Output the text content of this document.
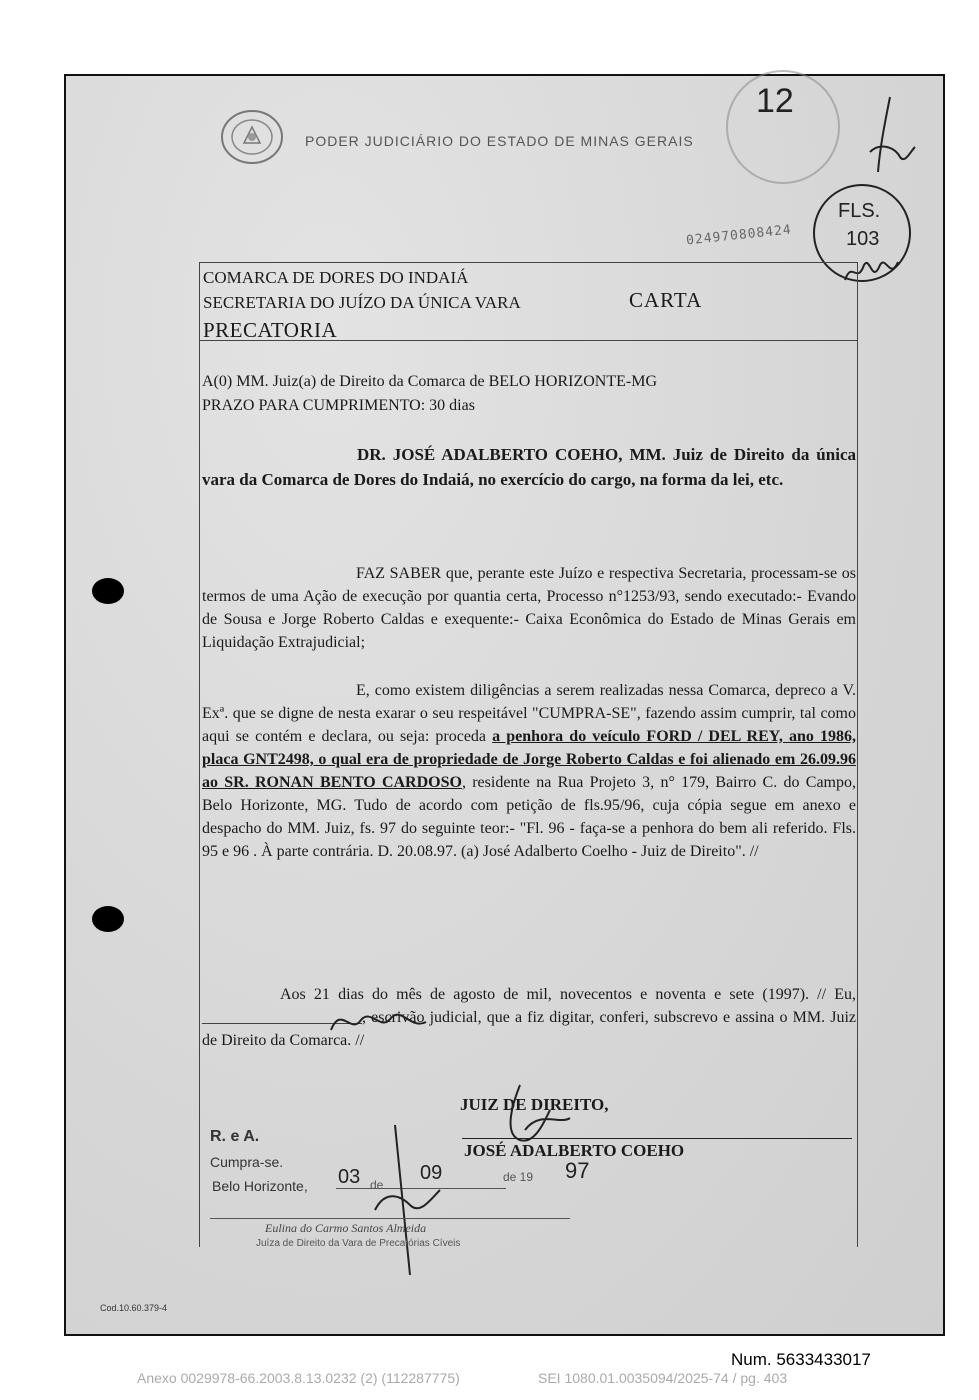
PODER JUDICIÁRIO DO ESTADO DE MINAS GERAIS
12
024970808424
FLS.
103
COMARCA DE DORES DO INDAIÁ
SECRETARIA DO JUÍZO DA ÚNICA VARA	CARTA
PRECATORIA
A(0) MM. Juiz(a) de Direito da Comarca de BELO HORIZONTE-MG
PRAZO PARA CUMPRIMENTO: 30 dias
DR. JOSÉ ADALBERTO COEHO, MM. Juiz de Direito da única vara da Comarca de Dores do Indaiá, no exercício do cargo, na forma da lei, etc.
FAZ SABER que, perante este Juízo e respectiva Secretaria, processam-se os termos de uma Ação de execução por quantia certa, Processo n°1253/93, sendo executado:- Evando de Sousa e Jorge Roberto Caldas e exequente:- Caixa Econômica do Estado de Minas Gerais em Liquidação Extrajudicial;
E, como existem diligências a serem realizadas nessa Comarca, depreco a V. Exª. que se digne de nesta exarar o seu respeitável "CUMPRA-SE", fazendo assim cumprir, tal como aqui se contém e declara, ou seja: proceda a penhora do veículo FORD / DEL REY, ano 1986, placa GNT2498, o qual era de propriedade de Jorge Roberto Caldas e foi alienado em 26.09.96 ao SR. RONAN BENTO CARDOSO, residente na Rua Projeto 3, n° 179, Bairro C. do Campo, Belo Horizonte, MG. Tudo de acordo com petição de fls.95/96, cuja cópia segue em anexo e despacho do MM. Juiz, fs. 97 do seguinte teor:- "Fl. 96 - faça-se a penhora do bem ali referido. Fls. 95 e 96 . À parte contrária. D. 20.08.97. (a) José Adalberto Coelho - Juiz de Direito". //
Aos 21 dias do mês de agosto de mil, novecentos e noventa e sete (1997). // Eu, ____________________, escrivão judicial, que a fiz digitar, conferi, subscrevo e assina o MM. Juiz de Direito da Comarca. //
JUIZ DE DIREITO,
JOSÉ ADALBERTO COEHO
R. e A.
Cumpra-se.
Belo Horizonte, 03 de
09	de 19 97
Eulina do Carmo Santos Almeida
Juíza de Direito da Vara de Precatórias Cíveis
Cod.10.60.379-4
Num. 5633433017
Anexo 0029978-66.2003.8.13.0232 (2) (112287775)	SEI 1080.01.0035094/2025-74 / pg. 403
